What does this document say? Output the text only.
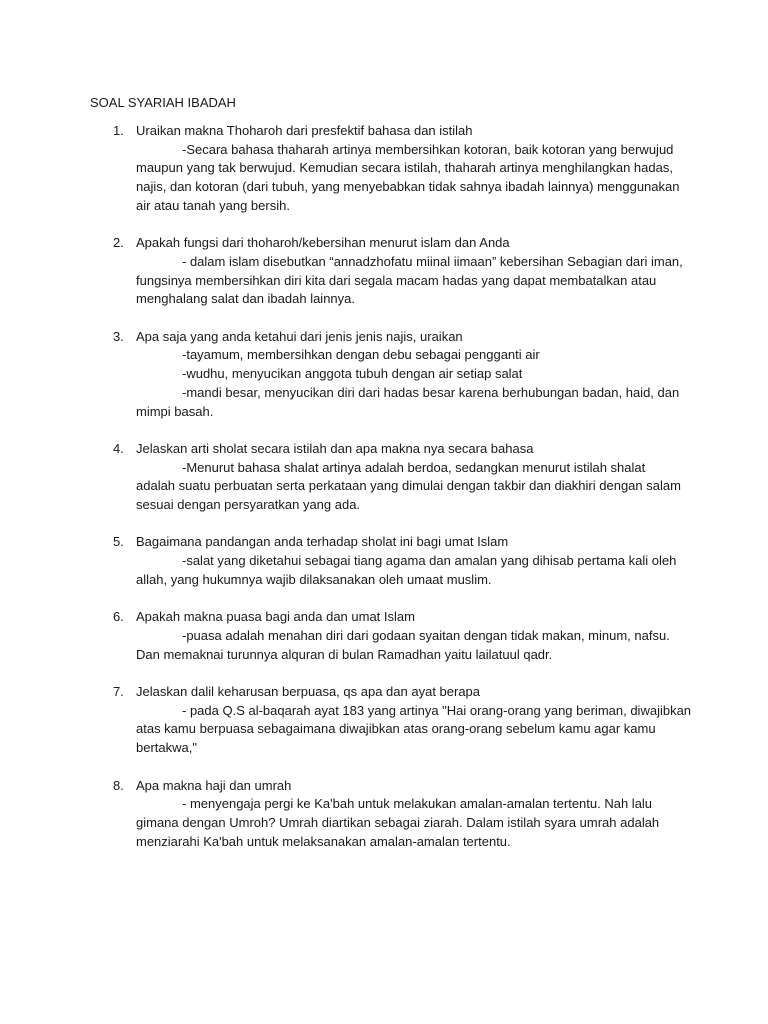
SOAL SYARIAH IBADAH
1. Uraikan makna Thoharoh dari presfektif bahasa dan istilah
-Secara bahasa thaharah artinya membersihkan kotoran, baik kotoran yang berwujud
maupun yang tak berwujud. Kemudian secara istilah, thaharah artinya menghilangkan hadas,
najis, dan kotoran (dari tubuh, yang menyebabkan tidak sahnya ibadah lainnya) menggunakan
air atau tanah yang bersih.
2. Apakah fungsi dari thoharoh/kebersihan menurut islam dan Anda
- dalam islam disebutkan “annadzhofatu miinal iimaan” kebersihan Sebagian dari iman,
fungsinya membersihkan diri kita dari segala macam hadas yang dapat membatalkan atau
menghalang salat dan ibadah lainnya.
3. Apa saja yang anda ketahui dari jenis jenis najis, uraikan
-tayamum, membersihkan dengan debu sebagai pengganti air
-wudhu, menyucikan anggota tubuh dengan air setiap salat
-mandi besar, menyucikan diri dari hadas besar karena berhubungan badan, haid, dan
mimpi basah.
4. Jelaskan arti sholat secara istilah dan apa makna nya secara bahasa
-Menurut bahasa shalat artinya adalah berdoa, sedangkan menurut istilah shalat
adalah suatu perbuatan serta perkataan yang dimulai dengan takbir dan diakhiri dengan salam
sesuai dengan persyaratkan yang ada.
5. Bagaimana pandangan anda terhadap sholat ini bagi umat Islam
-salat yang diketahui sebagai tiang agama dan amalan yang dihisab pertama kali oleh
allah, yang hukumnya wajib dilaksanakan oleh umaat muslim.
6. Apakah makna puasa bagi anda dan umat Islam
-puasa adalah menahan diri dari godaan syaitan dengan tidak makan, minum, nafsu.
Dan memaknai turunnya alquran di bulan Ramadhan yaitu lailatuul qadr.
7. Jelaskan dalil keharusan berpuasa, qs apa dan ayat berapa
- pada Q.S al-baqarah ayat 183 yang artinya "Hai orang-orang yang beriman, diwajibkan
atas kamu berpuasa sebagaimana diwajibkan atas orang-orang sebelum kamu agar kamu
bertakwa,"
8. Apa makna haji dan umrah
- menyengaja pergi ke Ka'bah untuk melakukan amalan-amalan tertentu. Nah lalu
gimana dengan Umroh? Umrah diartikan sebagai ziarah. Dalam istilah syara umrah adalah
menziarahi Ka'bah untuk melaksanakan amalan-amalan tertentu.
